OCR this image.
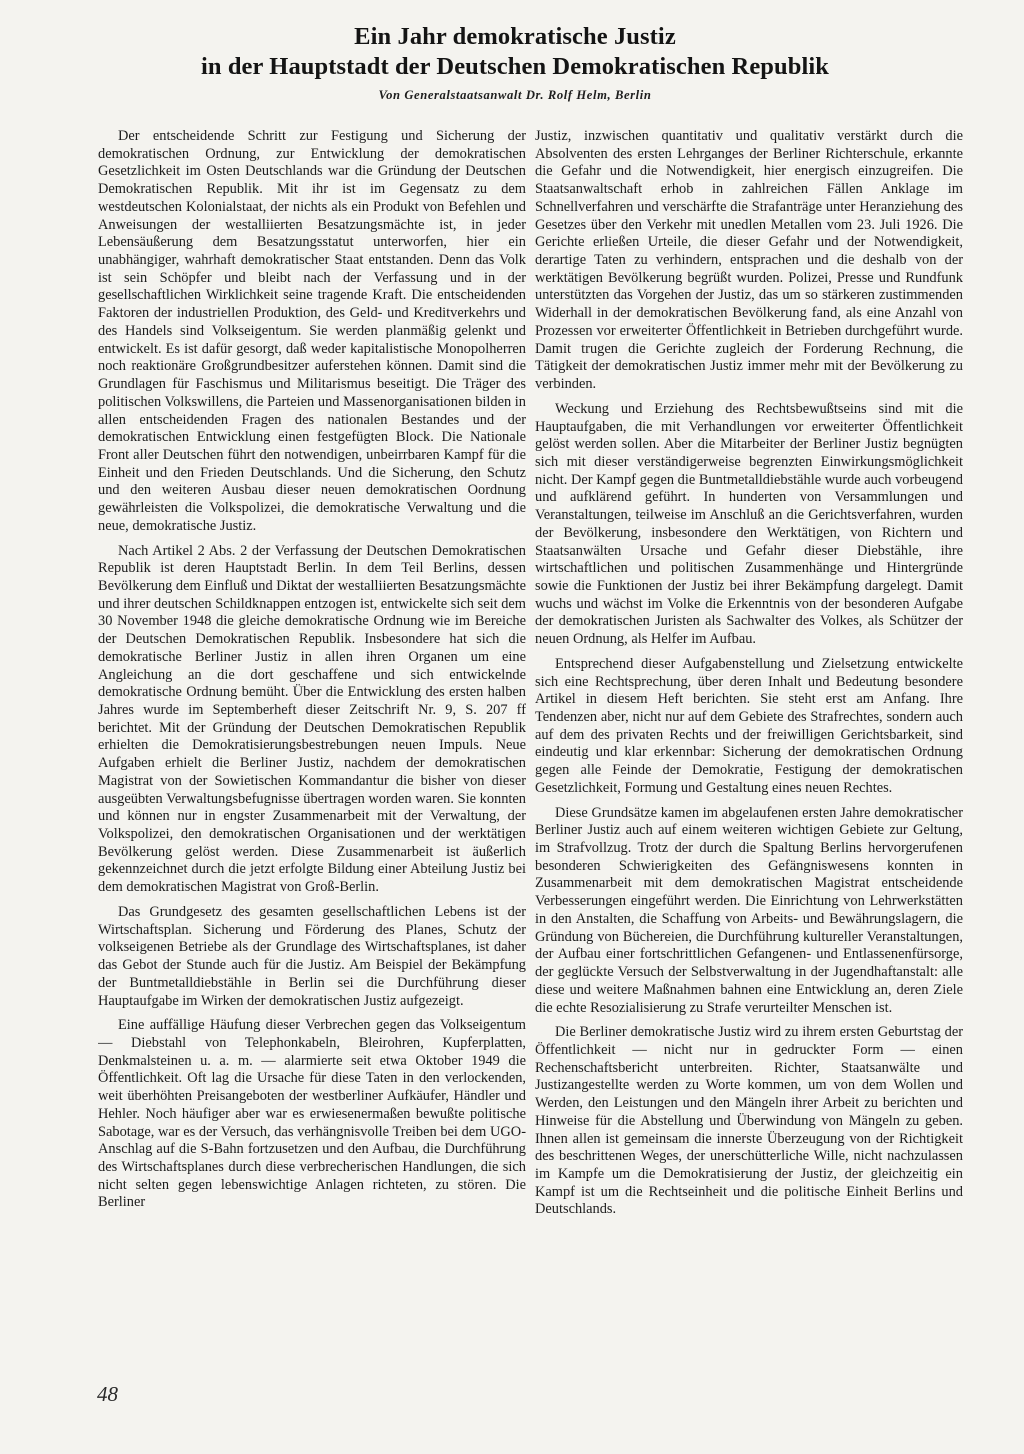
Ein Jahr demokratische Justiz
in der Hauptstadt der Deutschen Demokratischen Republik
Von Generalstaatsanwalt Dr. Rolf Helm, Berlin

Der entscheidende Schritt zur Festigung und Sicherung der demokratischen Ordnung, zur Entwicklung der demokratischen Gesetzlichkeit im Osten Deutschlands war die Gründung der Deutschen Demokratischen Republik. Mit ihr ist im Gegensatz zu dem westdeutschen Kolonialstaat, der nichts als ein Produkt von Befehlen und Anweisungen der westalliierten Besatzungsmächte ist, in jeder Lebensäußerung dem Besatzungsstatut unterworfen, hier ein unabhängiger, wahrhaft demokratischer Staat entstanden. Denn das Volk ist sein Schöpfer und bleibt nach der Verfassung und in der gesellschaftlichen Wirklichkeit seine tragende Kraft. Die entscheidenden Faktoren der industriellen Produktion, des Geld- und Kreditverkehrs und des Handels sind Volkseigentum. Sie werden planmäßig gelenkt und entwickelt. Es ist dafür gesorgt, daß weder kapitalistische Monopolherren noch reaktionäre Großgrundbesitzer auferstehen können. Damit sind die Grundlagen für Faschismus und Militarismus beseitigt. Die Träger des politischen Volkswillens, die Parteien und Massenorganisationen bilden in allen entscheidenden Fragen des nationalen Bestandes und der demokratischen Entwicklung einen festgefügten Block. Die Nationale Front aller Deutschen führt den notwendigen, unbeirrbaren Kampf für die Einheit und den Frieden Deutschlands. Und die Sicherung, den Schutz und den weiteren Ausbau dieser neuen demokratischen Oordnung gewährleisten die Volkspolizei, die demokratische Verwaltung und die neue, demokratische Justiz.

Nach Artikel 2 Abs. 2 der Verfassung der Deutschen Demokratischen Republik ist deren Hauptstadt Berlin. In dem Teil Berlins, dessen Bevölkerung dem Einfluß und Diktat der westalliierten Besatzungsmächte und ihrer deutschen Schildknappen entzogen ist, entwickelte sich seit dem 30 November 1948 die gleiche demokratische Ordnung wie im Bereiche der Deutschen Demokratischen Republik. Insbesondere hat sich die demokratische Berliner Justiz in allen ihren Organen um eine Angleichung an die dort geschaffene und sich entwickelnde demokratische Ordnung bemüht. Über die Entwicklung des ersten halben Jahres wurde im Septemberheft dieser Zeitschrift Nr. 9, S. 207 ff berichtet. Mit der Gründung der Deutschen Demokratischen Republik erhielten die Demokratisierungsbestrebungen neuen Impuls. Neue Aufgaben erhielt die Berliner Justiz, nachdem der demokratischen Magistrat von der Sowietischen Kommandantur die bisher von dieser ausgeübten Verwaltungsbefugnisse übertragen worden waren. Sie konnten und können nur in engster Zusammenarbeit mit der Verwaltung, der Volkspolizei, den demokratischen Organisationen und der werktätigen Bevölkerung gelöst werden. Diese Zusammenarbeit ist äußerlich gekennzeichnet durch die jetzt erfolgte Bildung einer Abteilung Justiz bei dem demokratischen Magistrat von Groß-Berlin.

Das Grundgesetz des gesamten gesellschaftlichen Lebens ist der Wirtschaftsplan. Sicherung und Förderung des Planes, Schutz der volkseigenen Betriebe als der Grundlage des Wirtschaftsplanes, ist daher das Gebot der Stunde auch für die Justiz. Am Beispiel der Bekämpfung der Buntmetalldiebstähle in Berlin sei die Durchführung dieser Hauptaufgabe im Wirken der demokratischen Justiz aufgezeigt.

Eine auffällige Häufung dieser Verbrechen gegen das Volkseigentum — Diebstahl von Telephonkabeln, Bleirohren, Kupferplatten, Denkmalsteinen u. a. m. — alarmierte seit etwa Oktober 1949 die Öffentlichkeit. Oft lag die Ursache für diese Taten in den verlockenden, weit überhöhten Preisangeboten der westberliner Aufkäufer, Händler und Hehler. Noch häufiger aber war es erwiesenermaßen bewußte politische Sabotage, war es der Versuch, das verhängnisvolle Treiben bei dem UGO-Anschlag auf die S-Bahn fortzusetzen und den Aufbau, die Durchführung des Wirtschaftsplanes durch diese verbrecherischen Handlungen, die sich nicht selten gegen lebenswichtige Anlagen richteten, zu stören. Die Berliner

Justiz, inzwischen quantitativ und qualitativ verstärkt durch die Absolventen des ersten Lehrganges der Berliner Richterschule, erkannte die Gefahr und die Notwendigkeit, hier energisch einzugreifen. Die Staatsanwaltschaft erhob in zahlreichen Fällen Anklage im Schnellverfahren und verschärfte die Strafanträge unter Heranziehung des Gesetzes über den Verkehr mit unedlen Metallen vom 23. Juli 1926. Die Gerichte erließen Urteile, die dieser Gefahr und der Notwendigkeit, derartige Taten zu verhindern, entsprachen und die deshalb von der werktätigen Bevölkerung begrüßt wurden. Polizei, Presse und Rundfunk unterstützten das Vorgehen der Justiz, das um so stärkeren zustimmenden Widerhall in der demokratischen Bevölkerung fand, als eine Anzahl von Prozessen vor erweiterter Öffentlichkeit in Betrieben durchgeführt wurde. Damit trugen die Gerichte zugleich der Forderung Rechnung, die Tätigkeit der demokratischen Justiz immer mehr mit der Bevölkerung zu verbinden.

Weckung und Erziehung des Rechtsbewußtseins sind mit die Hauptaufgaben, die mit Verhandlungen vor erweiterter Öffentlichkeit gelöst werden sollen. Aber die Mitarbeiter der Berliner Justiz begnügten sich mit dieser verständigerweise begrenzten Einwirkungsmöglichkeit nicht. Der Kampf gegen die Buntmetalldiebstähle wurde auch vorbeugend und aufklärend geführt. In hunderten von Versammlungen und Veranstaltungen, teilweise im Anschluß an die Gerichtsverfahren, wurden der Bevölkerung, insbesondere den Werktätigen, von Richtern und Staatsanwälten Ursache und Gefahr dieser Diebstähle, ihre wirtschaftlichen und politischen Zusammenhänge und Hintergründe sowie die Funktionen der Justiz bei ihrer Bekämpfung dargelegt. Damit wuchs und wächst im Volke die Erkenntnis von der besonderen Aufgabe der demokratischen Juristen als Sachwalter des Volkes, als Schützer der neuen Ordnung, als Helfer im Aufbau.

Entsprechend dieser Aufgabenstellung und Zielsetzung entwickelte sich eine Rechtsprechung, über deren Inhalt und Bedeutung besondere Artikel in diesem Heft berichten. Sie steht erst am Anfang. Ihre Tendenzen aber, nicht nur auf dem Gebiete des Strafrechtes, sondern auch auf dem des privaten Rechts und der freiwilligen Gerichtsbarkeit, sind eindeutig und klar erkennbar: Sicherung der demokratischen Ordnung gegen alle Feinde der Demokratie, Festigung der demokratischen Gesetzlichkeit, Formung und Gestaltung eines neuen Rechtes.

Diese Grundsätze kamen im abgelaufenen ersten Jahre demokratischer Berliner Justiz auch auf einem weiteren wichtigen Gebiete zur Geltung, im Strafvollzug. Trotz der durch die Spaltung Berlins hervorgerufenen besonderen Schwierigkeiten des Gefängniswesens konnten in Zusammenarbeit mit dem demokratischen Magistrat entscheidende Verbesserungen eingeführt werden. Die Einrichtung von Lehrwerkstätten in den Anstalten, die Schaffung von Arbeits- und Bewährungslagern, die Gründung von Büchereien, die Durchführung kultureller Veranstaltungen, der Aufbau einer fortschrittlichen Gefangenen- und Entlassenenfürsorge, der geglückte Versuch der Selbstverwaltung in der Jugendhaftanstalt: alle diese und weitere Maßnahmen bahnen eine Entwicklung an, deren Ziele die echte Resozialisierung zu Strafe verurteilter Menschen ist.

Die Berliner demokratische Justiz wird zu ihrem ersten Geburtstag der Öffentlichkeit — nicht nur in gedruckter Form — einen Rechenschaftsbericht unterbreiten. Richter, Staatsanwälte und Justizangestellte werden zu Worte kommen, um von dem Wollen und Werden, den Leistungen und den Mängeln ihrer Arbeit zu berichten und Hinweise für die Abstellung und Überwindung von Mängeln zu geben. Ihnen allen ist gemeinsam die innerste Überzeugung von der Richtigkeit des beschrittenen Weges, der unerschütterliche Wille, nicht nachzulassen im Kampfe um die Demokratisierung der Justiz, der gleichzeitig ein Kampf ist um die Rechtseinheit und die politische Einheit Berlins und Deutschlands.

48
